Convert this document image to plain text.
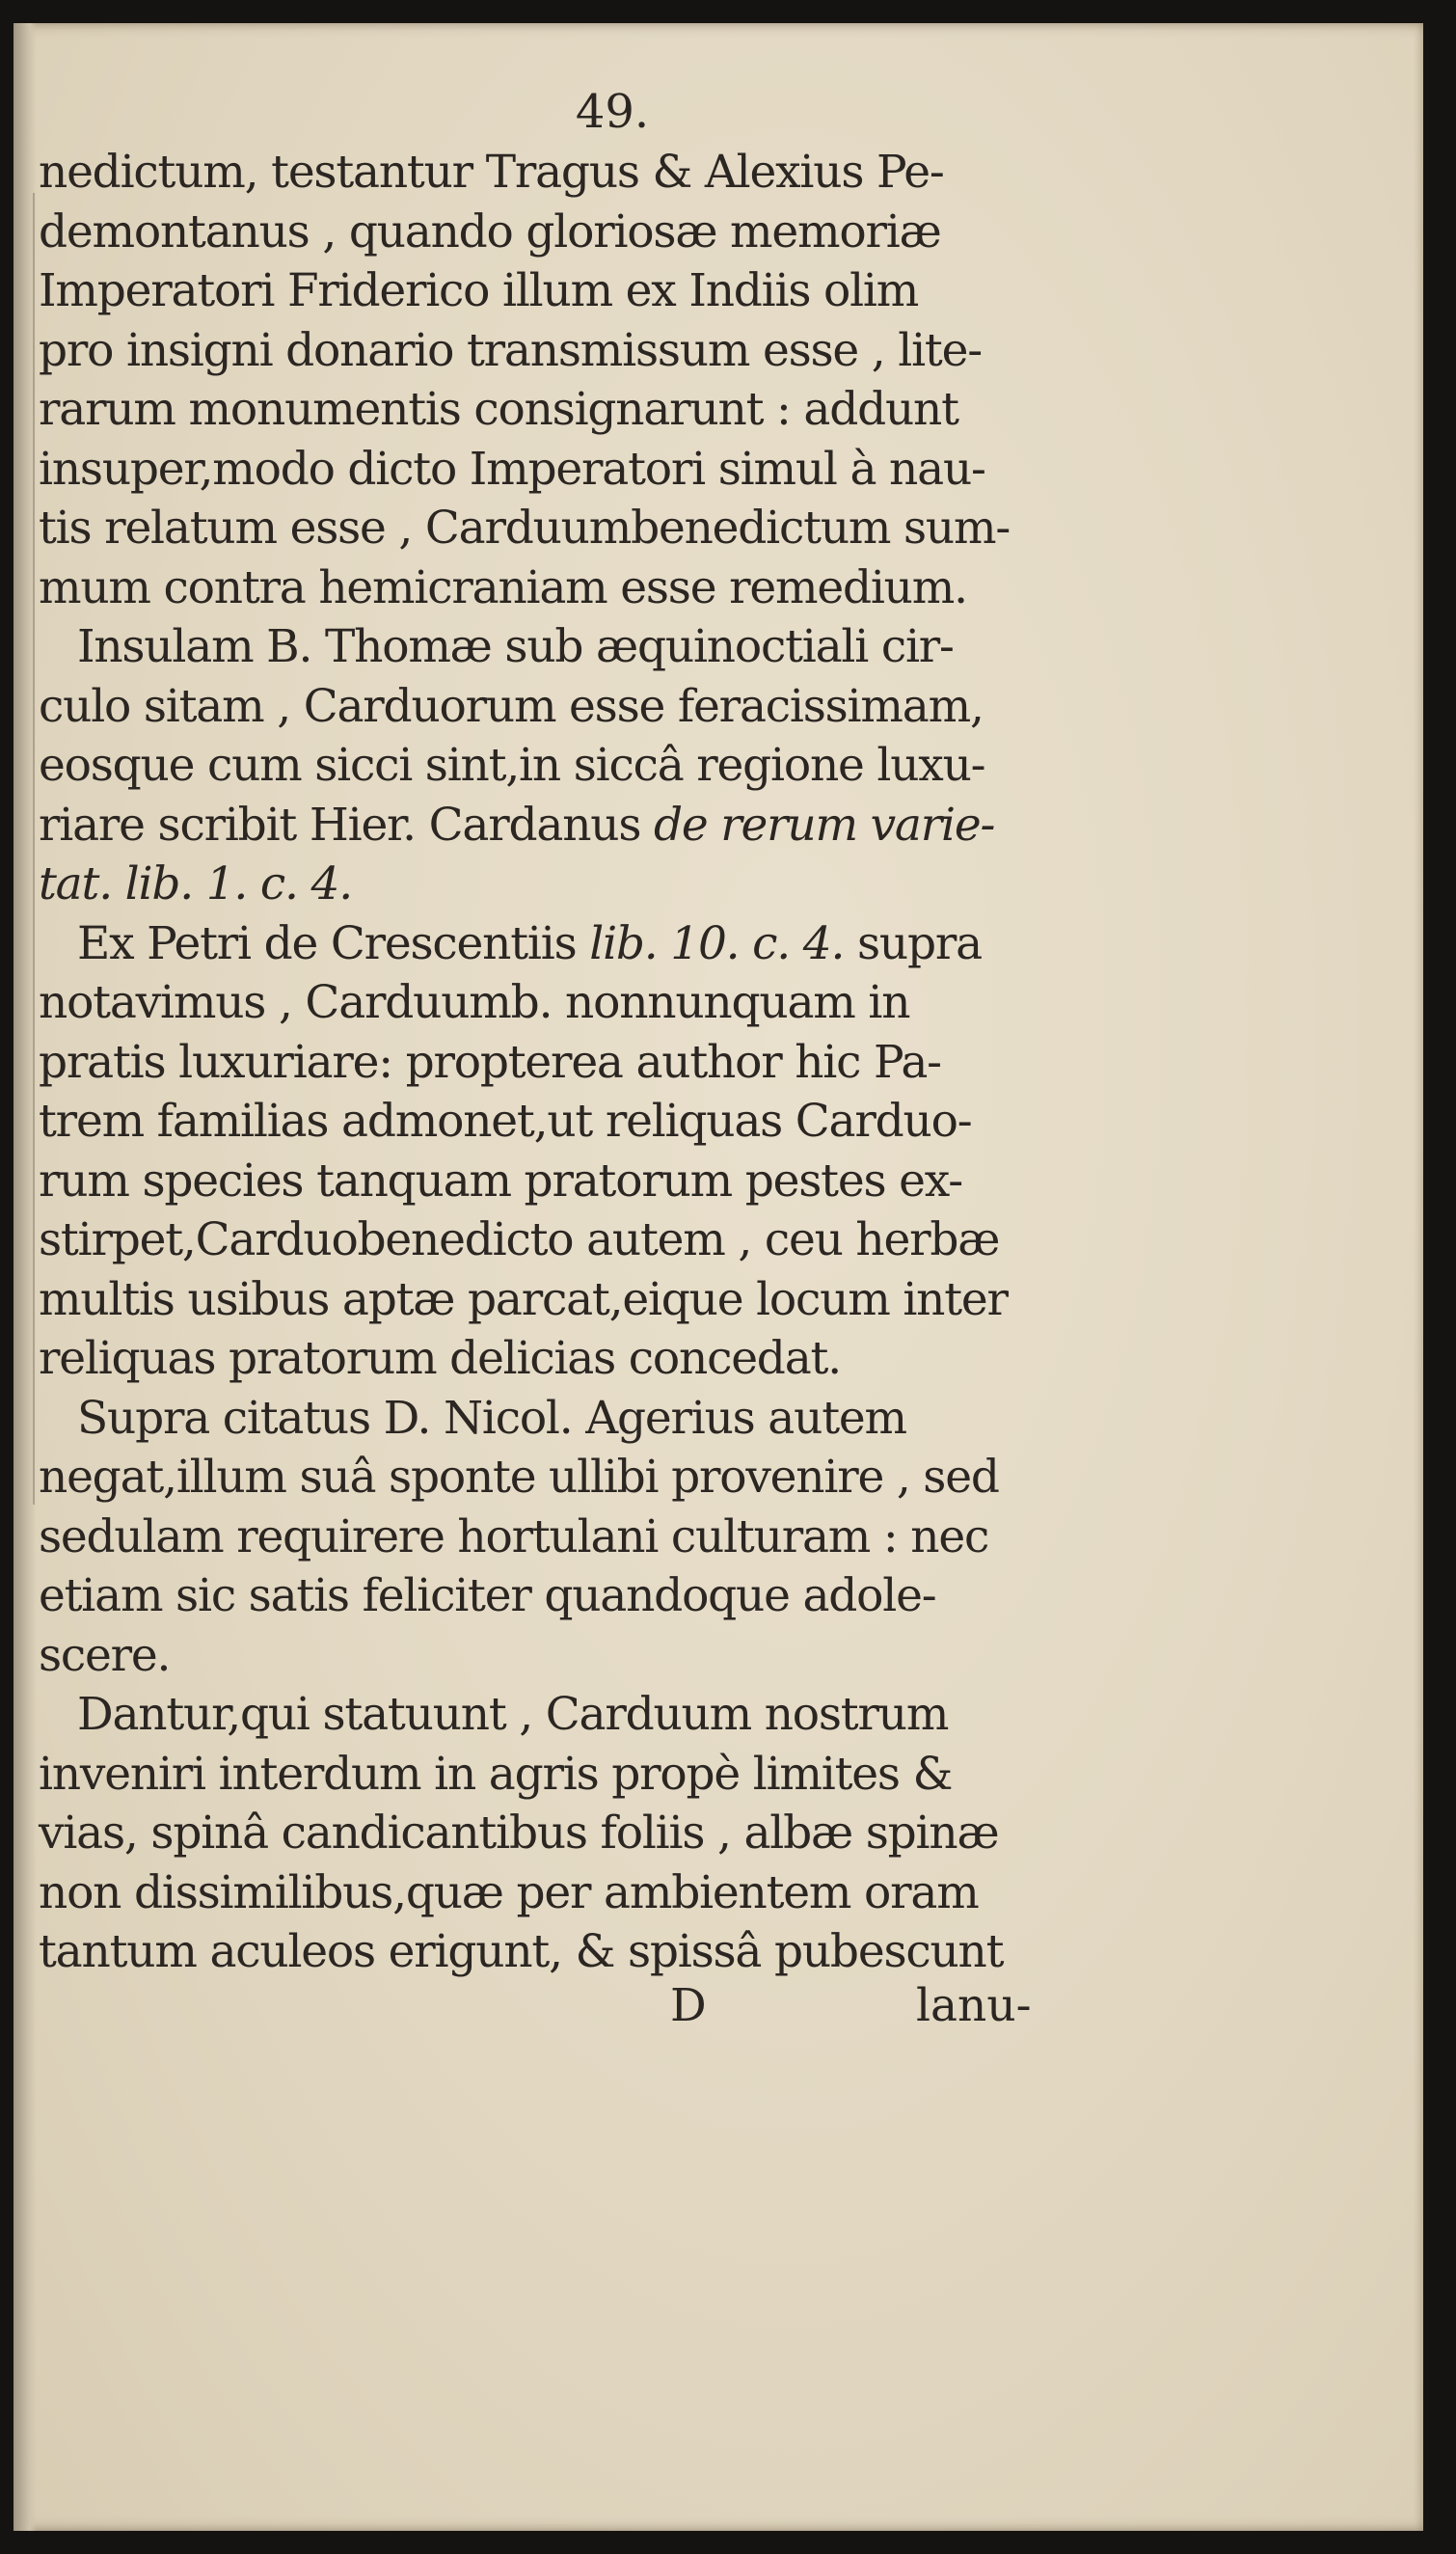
49.
nedictum, testantur Tragus & Alexius Pe-
demontanus , quando gloriosæ memoriæ
Imperatori Friderico illum ex Indiis olim
pro insigni donario transmissum esse , lite-
rarum monumentis consignarunt : addunt
insuper,modo dicto Imperatori simul à nau-
tis relatum esse , Carduumbenedictum sum-
mum contra hemicraniam esse remedium.
Insulam B. Thomæ sub æquinoctiali cir-
culo sitam , Carduorum esse feracissimam,
eosque cum sicci sint,in siccâ regione luxu-
riare scribit Hier. Cardanus de rerum varie-
tat. lib. 1. c. 4.
Ex Petri de Crescentiis lib. 10. c. 4. supra
notavimus , Carduumb. nonnunquam in
pratis luxuriare: propterea author hic Pa-
trem familias admonet,ut reliquas Carduo-
rum species tanquam pratorum pestes ex-
stirpet,Carduobenedicto autem , ceu herbæ
multis usibus aptæ parcat,eique locum inter
reliquas pratorum delicias concedat.
Supra citatus D. Nicol. Agerius autem
negat,illum suâ sponte ullibi provenire , sed
sedulam requirere hortulani culturam : nec
etiam sic satis feliciter quandoque adole-
scere.
Dantur,qui statuunt , Carduum nostrum
inveniri interdum in agris propè limites &
vias, spinâ candicantibus foliis , albæ spinæ
non dissimilibus,quæ per ambientem oram
tantum aculeos erigunt, & spissâ pubescunt
D	lanu-
